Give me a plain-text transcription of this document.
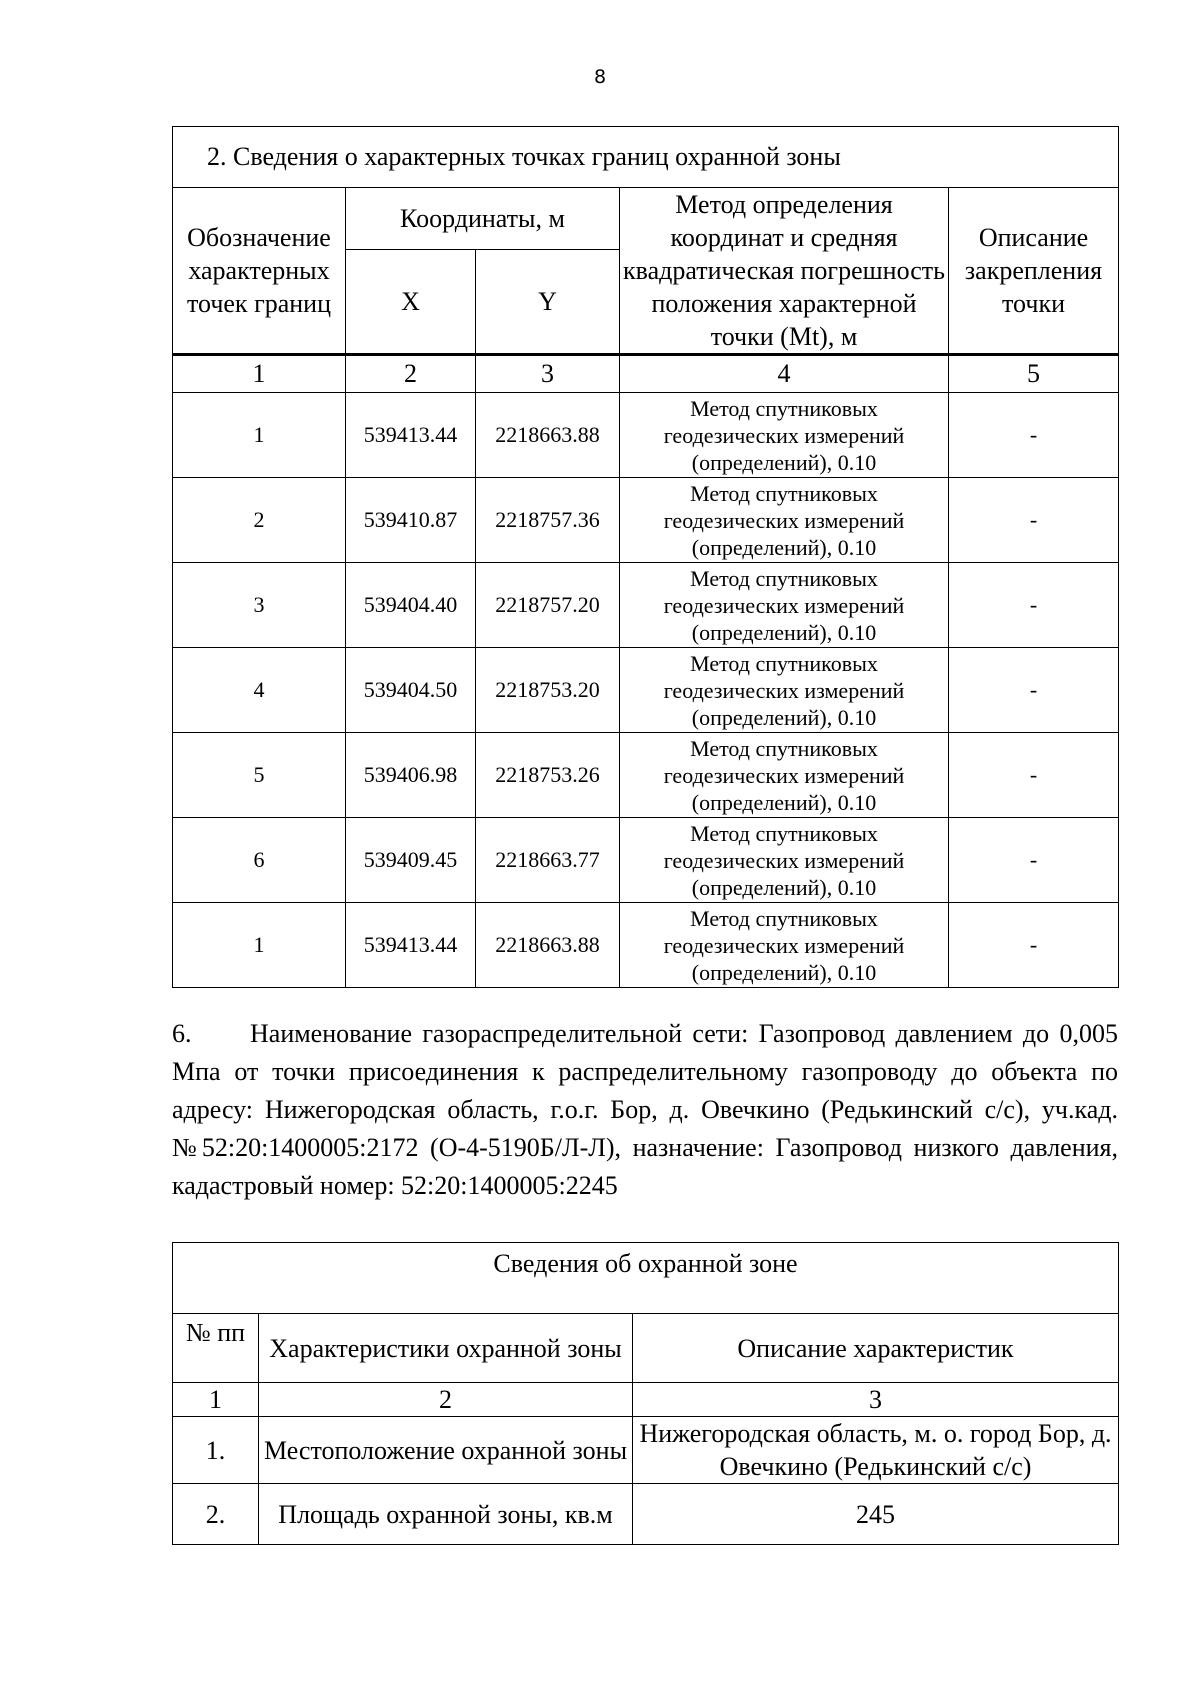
8
2. Сведения о характерных точках границ охранной зоны				
Обозначение характерных точек границ	Координаты, м		Метод определения координат и средняя квадратическая погрешность положения характерной точки (Mt), м	Описание закрепления точки
	X	Y		
1	2	3	4	5
1	539413.44	2218663.88	Метод спутниковых геодезических измерений (определений), 0.10	-
2	539410.87	2218757.36	Метод спутниковых геодезических измерений (определений), 0.10	-
3	539404.40	2218757.20	Метод спутниковых геодезических измерений (определений), 0.10	-
4	539404.50	2218753.20	Метод спутниковых геодезических измерений (определений), 0.10	-
5	539406.98	2218753.26	Метод спутниковых геодезических измерений (определений), 0.10	-
6	539409.45	2218663.77	Метод спутниковых геодезических измерений (определений), 0.10	-
1	539413.44	2218663.88	Метод спутниковых геодезических измерений (определений), 0.10	-
6. Наименование газораспределительной сети: Газопровод давлением до 0,005 Мпа от точки присоединения к распределительному газопроводу до объекта по адресу: Нижегородская область, г.о.г. Бор, д. Овечкино (Редькинский с/с), уч.кад.№52:20:1400005:2172 (О-4-5190Б/Л-Л), назначение: Газопровод низкого давления, кадастровый номер: 52:20:1400005:2245
Сведения об охранной зоне		
№ пп	Характеристики охранной зоны	Описание характеристик
1	2	3
1.	Местоположение охранной зоны	Нижегородская область, м. о. город Бор, д. Овечкино (Редькинский с/с)
2.	Площадь охранной зоны, кв.м	245
